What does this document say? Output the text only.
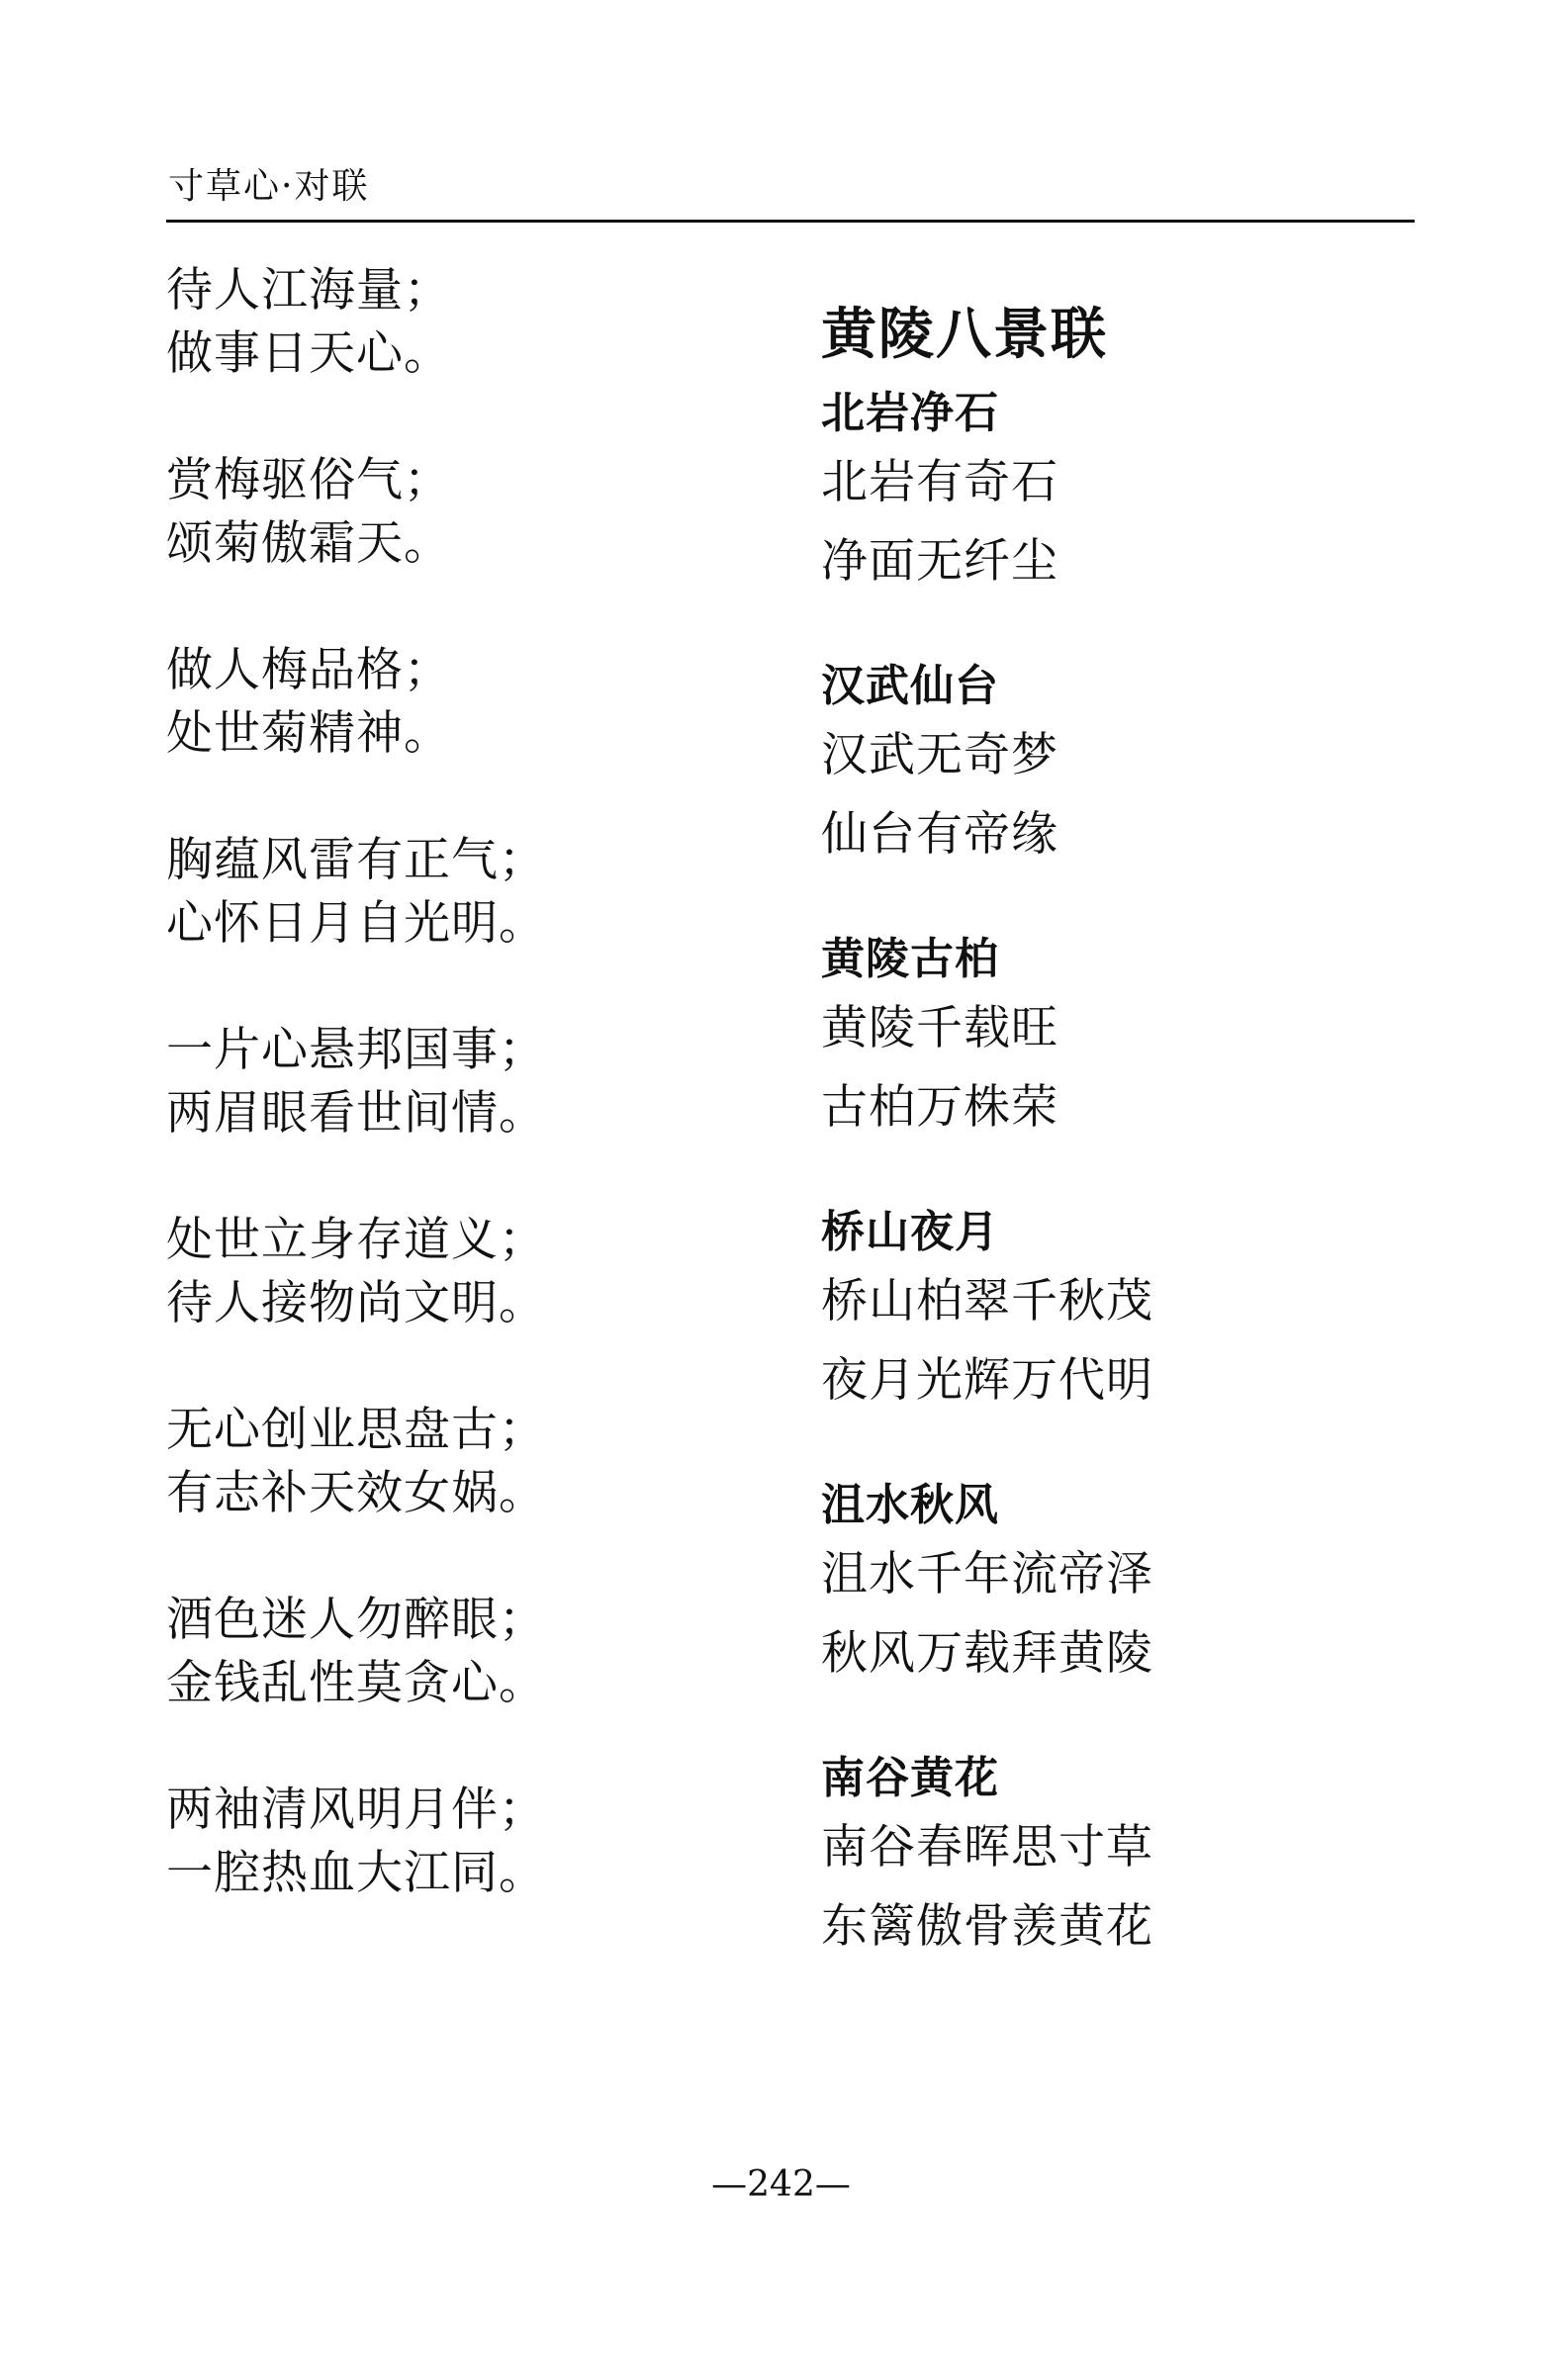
寸草心·对联
待人江海量；
做事日天心。
赏梅驱俗气；
颂菊傲霜天。
做人梅品格；
处世菊精神。
胸蕴风雷有正气；
心怀日月自光明。
一片心悬邦国事；
两眉眼看世间情。
处世立身存道义；
待人接物尚文明。
无心创业思盘古；
有志补天效女娲。
酒色迷人勿醉眼；
金钱乱性莫贪心。
两袖清风明月伴；
一腔热血大江同。
黄陵八景联
北岩净石
北岩有奇石
净面无纤尘
汉武仙台
汉武无奇梦
仙台有帝缘
黄陵古柏
黄陵千载旺
古柏万株荣
桥山夜月
桥山柏翠千秋茂
夜月光辉万代明
沮水秋风
沮水千年流帝泽
秋风万载拜黄陵
南谷黄花
南谷春晖思寸草
东篱傲骨羡黄花
—242—
